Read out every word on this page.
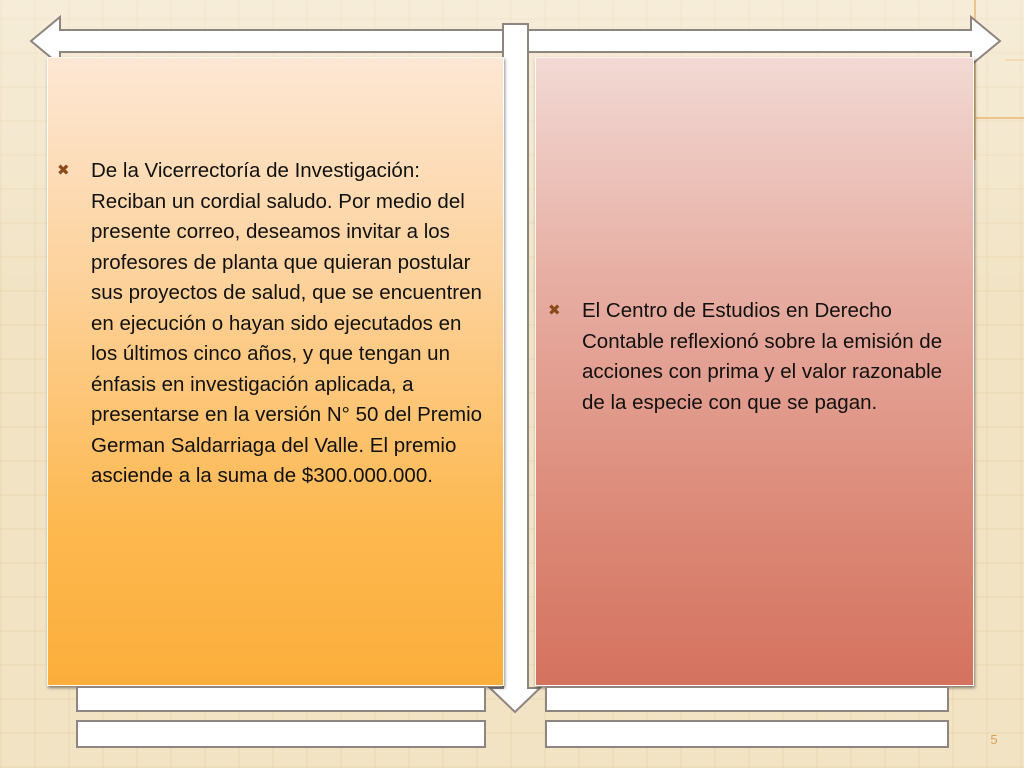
✖	De la Vicerrectoría de Investigación: Reciban un cordial saludo. Por medio del presente correo, deseamos invitar a los profesores de planta que quieran postular sus proyectos de salud, que se encuentren en ejecución o hayan sido ejecutados en los últimos cinco años, y que tengan un énfasis en investigación aplicada, a presentarse en la versión N° 50 del Premio German Saldarriaga del Valle. El premio asciende a la suma de $300.000.000.

✖	El Centro de Estudios en Derecho Contable reflexionó sobre la emisión de acciones con prima y el valor razonable de la especie con que se pagan.

5
